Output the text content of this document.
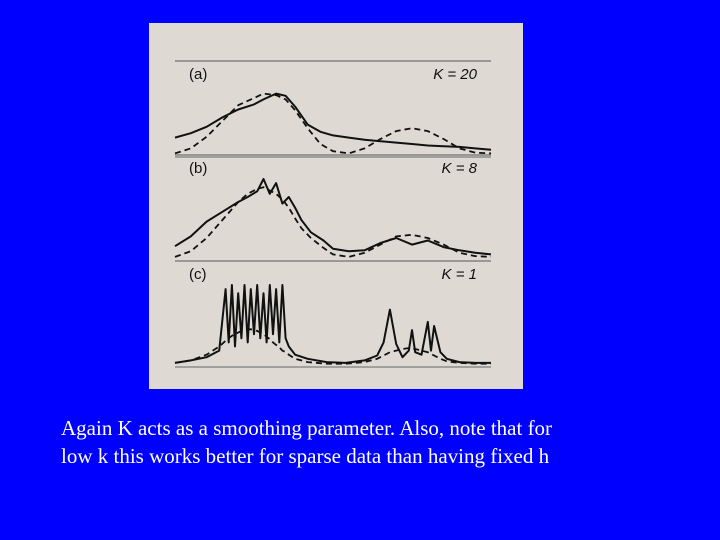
(a)	K = 20
(b)	K = 8
(c)	K = 1
Again K acts as a smoothing parameter. Also, note that for
low k this works better for sparse data than having fixed h
